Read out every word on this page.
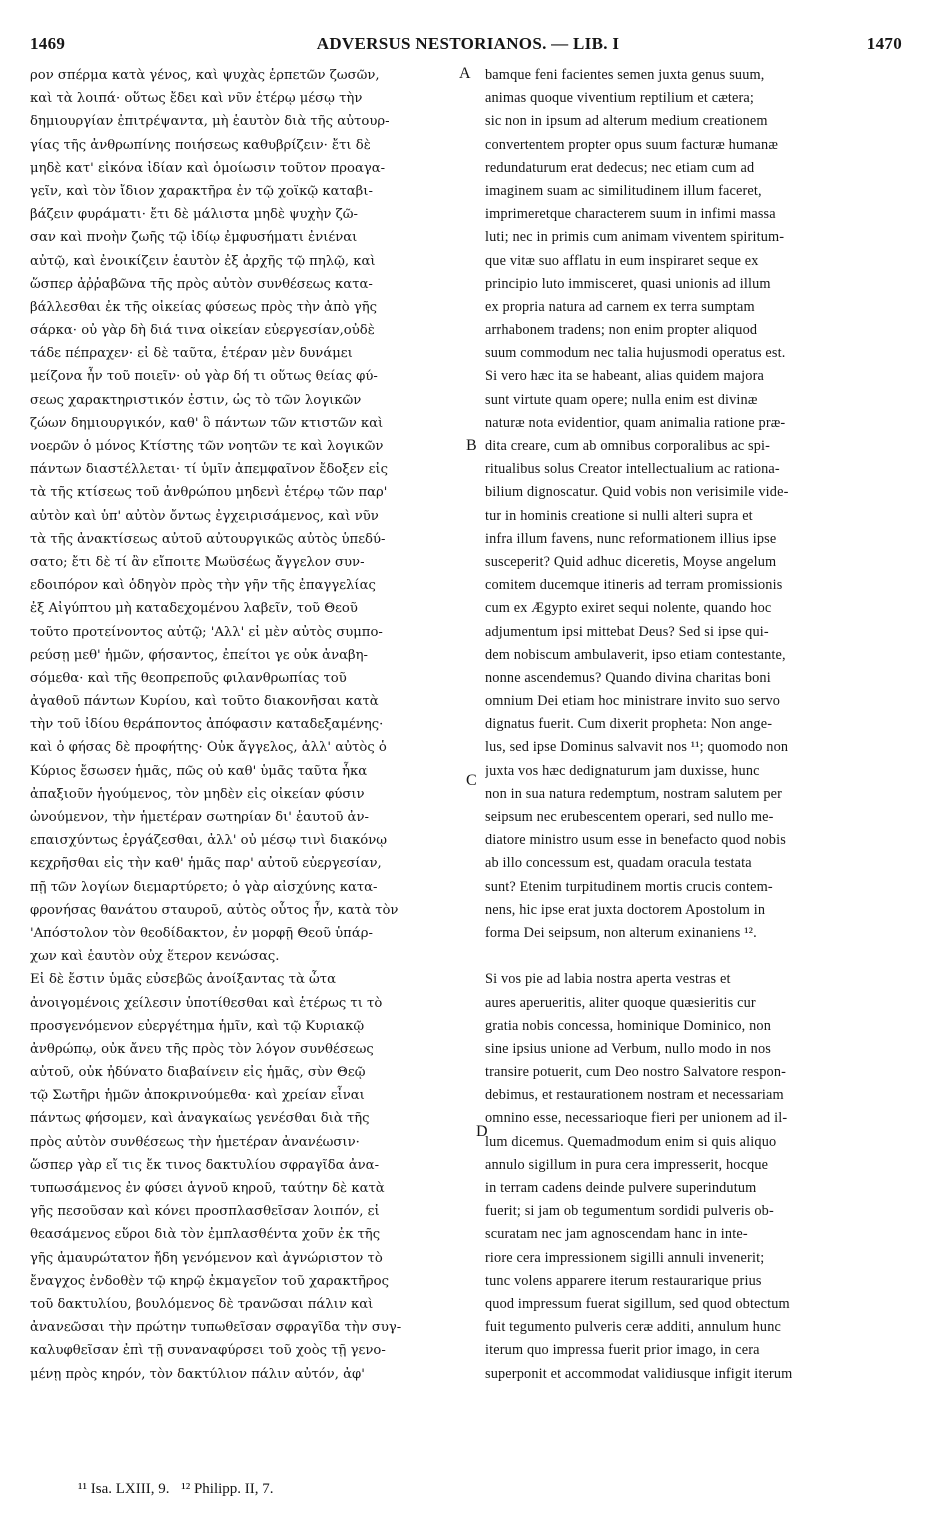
1469	ADVERSUS NESTORIANOS. — LIB. I	1470
ρον σπέρμα κατὰ γένος, καὶ ψυχὰς ἑρπετῶν ζωσῶν,
καὶ τὰ λοιπά· οὕτως ἔδει καὶ νῦν ἑτέρῳ μέσῳ τὴν
δημιουργίαν ἐπιτρέψαντα, μὴ ἑαυτὸν διὰ τῆς αὐτουρ-
γίας τῆς ἀνθρωπίνης ποιήσεως καθυβρίζειν· ἔτι δὲ
μηδὲ κατ' εἰκόνα ἰδίαν καὶ ὁμοίωσιν τοῦτον προαγα-
γεῖν, καὶ τὸν ἴδιον χαρακτῆρα ἐν τῷ χοϊκῷ καταβι-
βάζειν φυράματι· ἔτι δὲ μάλιστα μηδὲ ψυχὴν ζῶ-
σαν καὶ πνοὴν ζωῆς τῷ ἰδίῳ ἐμφυσήματι ἐνιέναι
αὐτῷ, καὶ ἐνοικίζειν ἑαυτὸν ἐξ ἀρχῆς τῷ πηλῷ, καὶ
ὥσπερ ἀῤῥαβῶνα τῆς πρὸς αὐτὸν συνθέσεως κατα-
βάλλεσθαι ἐκ τῆς οἰκείας φύσεως πρὸς τὴν ἀπὸ γῆς
σάρκα· οὐ γὰρ δὴ διά τινα οἰκείαν εὐεργεσίαν,οὐδὲ
τάδε πέπραχεν· εἰ δὲ ταῦτα, ἑτέραν μὲν δυνάμει
μείζονα ἦν τοῦ ποιεῖν· οὐ γὰρ δή τι οὕτως θείας φύ-
σεως χαρακτηριστικόν ἐστιν, ὡς τὸ τῶν λογικῶν
ζώων δημιουργικόν, καθ' ὃ πάντων τῶν κτιστῶν καὶ
νοερῶν ὁ μόνος Κτίστης τῶν νοητῶν τε καὶ λογικῶν
πάντων διαστέλλεται· τί ὑμῖν ἀπεμφαῖνον ἔδοξεν εἰς
τὰ τῆς κτίσεως τοῦ ἀνθρώπου μηδενὶ ἑτέρῳ τῶν παρ'
αὐτὸν καὶ ὑπ' αὐτὸν ὄντως ἐγχειρισάμενος, καὶ νῦν
τὰ τῆς ἀνακτίσεως αὐτοῦ αὐτουργικῶς αὐτὸς ὑπεδύ-
σατο; ἔτι δὲ τί ἂν εἴποιτε Μωϋσέως ἄγγελον συν-
εδοιπόρον καὶ ὁδηγὸν πρὸς τὴν γῆν τῆς ἐπαγγελίας
ἐξ Αἰγύπτου μὴ καταδεχομένου λαβεῖν, τοῦ Θεοῦ
τοῦτο προτείνοντος αὐτῷ; 'Αλλ' εἰ μὲν αὐτὸς συμπο-
ρεύσῃ μεθ' ἡμῶν, φήσαντος, ἐπείτοι γε οὐκ ἀναβη-
σόμεθα· καὶ τῆς θεοπρεποῦς φιλανθρωπίας τοῦ
ἀγαθοῦ πάντων Κυρίου, καὶ τοῦτο διακονῆσαι κατὰ
τὴν τοῦ ἰδίου θεράποντος ἀπόφασιν καταδεξαμένης·
καὶ ὁ φήσας δὲ προφήτης· Οὐκ ἄγγελος, ἀλλ' αὐτὸς ὁ
Κύριος ἔσωσεν ἡμᾶς, πῶς οὐ καθ' ὑμᾶς ταῦτα ἧκα
ἀπαξιοῦν ἡγούμενος, τὸν μηδὲν εἰς οἰκείαν φύσιν
ὠνούμενον, τὴν ἡμετέραν σωτηρίαν δι' ἑαυτοῦ ἀν-
επαισχύντως ἐργάζεσθαι, ἀλλ' οὐ μέσῳ τινὶ διακόνῳ
κεχρῆσθαι εἰς τὴν καθ' ἡμᾶς παρ' αὐτοῦ εὐεργεσίαν,
πῇ τῶν λογίων διεμαρτύρετο; ὁ γὰρ αἰσχύνης κατα-
φρονήσας θανάτου σταυροῦ, αὐτὸς οὗτος ἦν, κατὰ τὸν
'Απόστολον τὸν θεοδίδακτον, ἐν μορφῇ Θεοῦ ὑπάρ-
χων καὶ ἑαυτὸν οὐχ ἕτερον κενώσας.
Εἰ δὲ ἔστιν ὑμᾶς εὐσεβῶς ἀνοίξαντας τὰ ὦτα
ἀνοιγομένοις χείλεσιν ὑποτίθεσθαι καὶ ἑτέρως τι τὸ
προσγενόμενον εὐεργέτημα ἡμῖν, καὶ τῷ Κυριακῷ
ἀνθρώπῳ, οὐκ ἄνευ τῆς πρὸς τὸν λόγον συνθέσεως
αὐτοῦ, οὐκ ἠδύνατο διαβαίνειν εἰς ἡμᾶς, σὺν Θεῷ
τῷ Σωτῆρι ἡμῶν ἀποκρινούμεθα· καὶ χρείαν εἶναι
πάντως φήσομεν, καὶ ἀναγκαίως γενέσθαι διὰ τῆς
πρὸς αὐτὸν συνθέσεως τὴν ἡμετέραν ἀνανέωσιν·
ὥσπερ γὰρ εἴ τις ἔκ τινος δακτυλίου σφραγῖδα ἀνα-
τυπωσάμενος ἐν φύσει ἁγνοῦ κηροῦ, ταύτην δὲ κατὰ
γῆς πεσοῦσαν καὶ κόνει προσπλασθεῖσαν λοιπόν, εἰ
θεασάμενος εὕροι διὰ τὸν ἐμπλασθέντα χοῦν ἐκ τῆς
γῆς ἀμαυρώτατον ἤδη γενόμενον καὶ ἀγνώριστον τὸ
ἔναγχος ἐνδοθὲν τῷ κηρῷ ἐκμαγεῖον τοῦ χαρακτῆρος
τοῦ δακτυλίου, βουλόμενος δὲ τρανῶσαι πάλιν καὶ
ἀνανεῶσαι τὴν πρώτην τυπωθεῖσαν σφραγῖδα τὴν συγ-
καλυφθεῖσαν ἐπὶ τῇ συναναφύρσει τοῦ χοὸς τῇ γενο-
μένῃ πρὸς κηρόν, τὸν δακτύλιον πάλιν αὐτόν, ἀφ'
bamque feni facientes semen juxta genus suum,
animas quoque viventium reptilium et cætera;
sic non in ipsum ad alterum medium creationem
convertentem propter opus suum facturæ humanæ
redundaturum erat dedecus; nec etiam cum ad
imaginem suam ac similitudinem illum faceret,
imprimeretque characterem suum in infimi massa
luti; nec in primis cum animam viventem spiritum-
que vitæ suo afflatu in eum inspiraret seque ex
principio luto immisceret, quasi unionis ad illum
ex propria natura ad carnem ex terra sumptam
arrhabonem tradens; non enim propter aliquod
suum commodum nec talia hujusmodi operatus est.
Si vero hæc ita se habeant, alias quidem majora
sunt virtute quam opere; nulla enim est divinæ
naturæ nota evidentior, quam animalia ratione præ-
dita creare, cum ab omnibus corporalibus ac spi-
ritualibus solus Creator intellectualium ac rationa-
bilium dignoscatur. Quid vobis non verisimile vide-
tur in hominis creatione si nulli alteri supra et
infra illum favens, nunc reformationem illius ipse
susceperit? Quid adhuc diceretis, Moyse angelum
comitem ducemque itineris ad terram promissionis
cum ex Ægypto exiret sequi nolente, quando hoc
adjumentum ipsi mittebat Deus? Sed si ipse qui-
dem nobiscum ambulaverit, ipso etiam contestante,
nonne ascendemus? Quando divina charitas boni
omnium Dei etiam hoc ministrare invito suo servo
dignatus fuerit. Cum dixerit propheta: Non ange-
lus, sed ipse Dominus salvavit nos ¹¹; quomodo non
juxta vos hæc dedignaturum jam duxisse, hunc
non in sua natura redemptum, nostram salutem per
seipsum nec erubescentem operari, sed nullo me-
diatore ministro usum esse in benefacto quod nobis
ab illo concessum est, quadam oracula testata
sunt? Etenim turpitudinem mortis crucis contem-
nens, hic ipse erat juxta doctorem Apostolum in
forma Dei seipsum, non alterum exinaniens ¹².
Si vos pie ad labia nostra aperta vestras et
aures aperueritis, aliter quoque quæsieritis cur
gratia nobis concessa, hominique Dominico, non
sine ipsius unione ad Verbum, nullo modo in nos
transire potuerit, cum Deo nostro Salvatore respon-
debimus, et restaurationem nostram et necessariam
omnino esse, necessarioque fieri per unionem ad il-
lum dicemus. Quemadmodum enim si quis aliquo
annulo sigillum in pura cera impresserit, hocque
in terram cadens deinde pulvere superindutum
fuerit; si jam ob tegumentum sordidi pulveris ob-
scuratam nec jam agnoscendam hanc in inte-
riore cera impressionem sigilli annuli invenerit;
tunc volens apparere iterum restaurarique prius
quod impressum fuerat sigillum, sed quod obtectum
fuit tegumento pulveris ceræ additi, annulum hunc
iterum quo impressa fuerit prior imago, in cera
superponit et accommodat validiusque infigit iterum
A
B
C
D
¹¹ Isa. LXIII, 9. ¹² Philipp. II, 7.
